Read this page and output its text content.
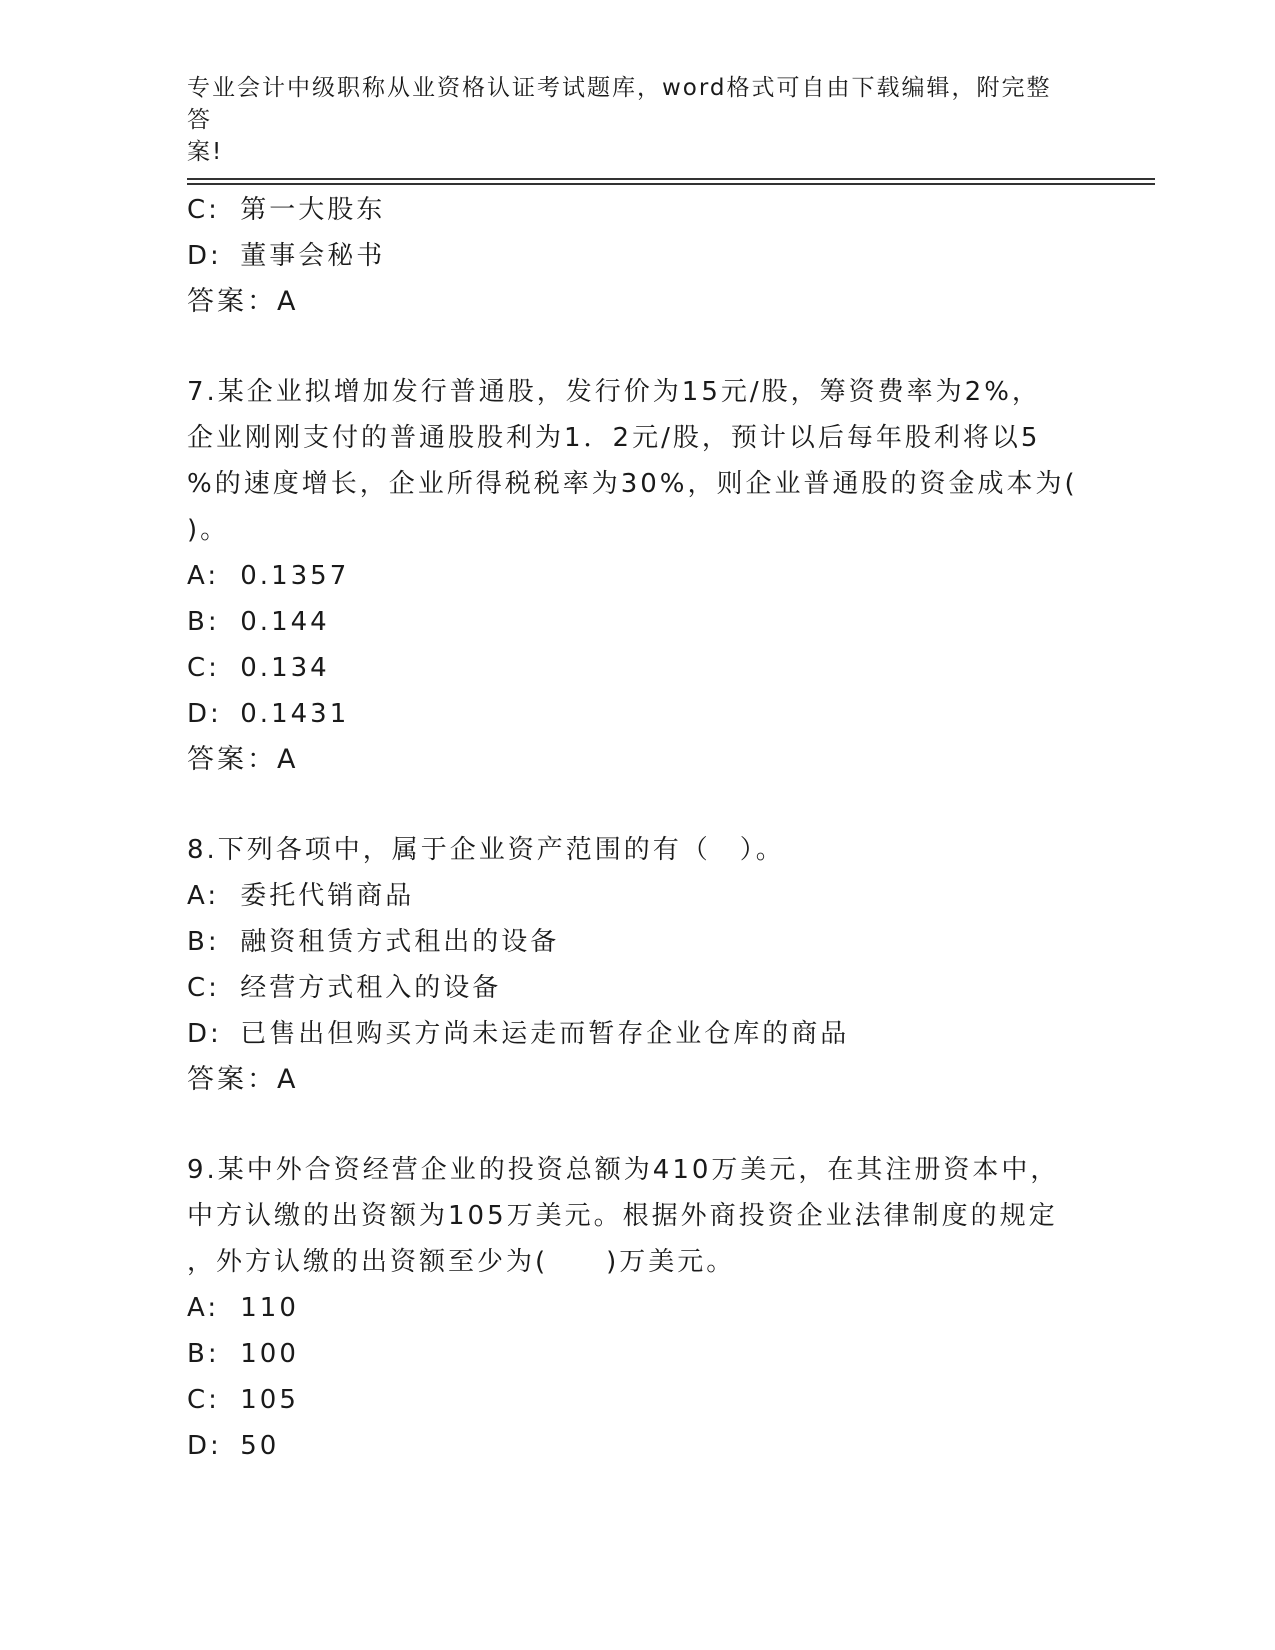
专业会计中级职称从业资格认证考试题库，word格式可自由下载编辑，附完整答
案!
C: 第一大股东
D: 董事会秘书
答案：A
7.某企业拟增加发行普通股，发行价为15元/股，筹资费率为2%，
企业刚刚支付的普通股股利为1．2元/股，预计以后每年股利将以5
%的速度增长，企业所得税税率为30%，则企业普通股的资金成本为(
)。
A: 0.1357
B: 0.144
C: 0.134
D: 0.1431
答案：A
8.下列各项中，属于企业资产范围的有（　）。
A: 委托代销商品
B: 融资租赁方式租出的设备
C: 经营方式租入的设备
D: 已售出但购买方尚未运走而暂存企业仓库的商品
答案：A
9.某中外合资经营企业的投资总额为410万美元，在其注册资本中，
中方认缴的出资额为105万美元。根据外商投资企业法律制度的规定
，外方认缴的出资额至少为(　　)万美元。
A: 110
B: 100
C: 105
D: 50
